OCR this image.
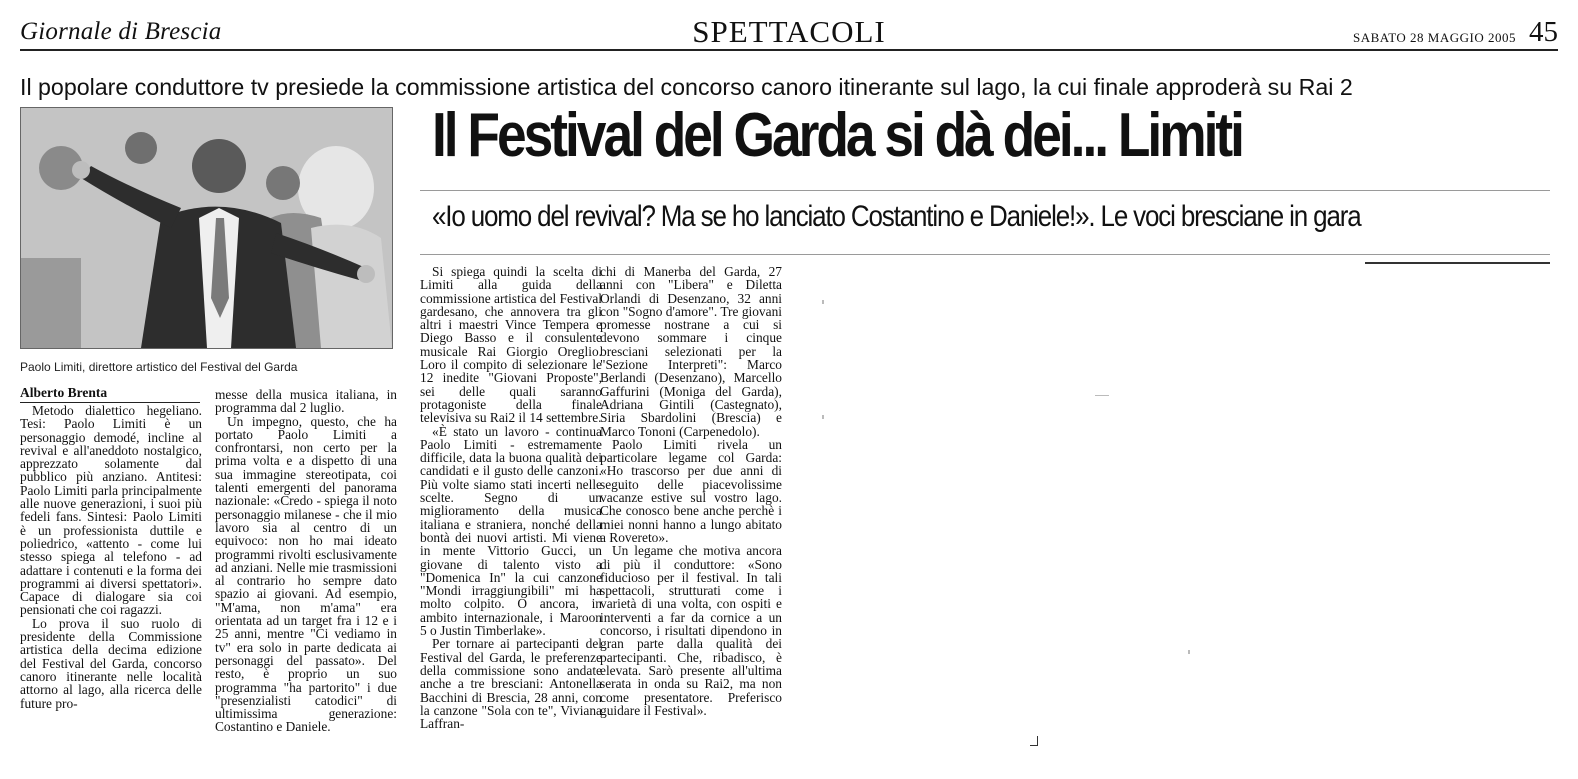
Giornale di Brescia	SPETTACOLI	SABATO 28 MAGGIO 2005 45
Il popolare conduttore tv presiede la commissione artistica del concorso canoro itinerante sul lago, la cui finale approderà su Rai 2
Paolo Limiti, direttore artistico del Festival del Garda
Il Festival del Garda si dà dei... Limiti
«Io uomo del revival? Ma se ho lanciato Costantino e Daniele!». Le voci bresciane in gara
Alberto Brenta

Metodo dialettico hegeliano. Tesi: Paolo Limiti è un personaggio demodé, incline al revival e all'aneddoto nostalgico, apprezzato solamente dal pubblico più anziano. Antitesi: Paolo Limiti parla principalmente alle nuove generazioni, i suoi più fedeli fans. Sintesi: Paolo Limiti è un professionista duttile e poliedrico, «attento - come lui stesso spiega al telefono - ad adattare i contenuti e la forma dei programmi ai diversi spettatori». Capace di dialogare sia coi pensionati che coi ragazzi.

Lo prova il suo ruolo di presidente della Commissione artistica della decima edizione del Festival del Garda, concorso canoro itinerante nelle località attorno al lago, alla ricerca delle future pro-

messe della musica italiana, in programma dal 2 luglio.

Un impegno, questo, che ha portato Paolo Limiti a confrontarsi, non certo per la prima volta e a dispetto di una sua immagine stereotipata, coi talenti emergenti del panorama nazionale: «Credo - spiega il noto personaggio milanese - che il mio lavoro sia al centro di un equivoco: non ho mai ideato programmi rivolti esclusivamente ad anziani. Nelle mie trasmissioni al contrario ho sempre dato spazio ai giovani. Ad esempio, "M'ama, non m'ama" era orientata ad un target fra i 12 e i 25 anni, mentre "Ci vediamo in tv" era solo in parte dedicata ai personaggi del passato». Del resto, è proprio un suo programma "ha partorito" i due "presenzialisti catodici" di ultimissima generazione: Costantino e Daniele.

Si spiega quindi la scelta di Limiti alla guida della commissione artistica del Festival gardesano, che annovera tra gli altri i maestri Vince Tempera e Diego Basso e il consulente musicale Rai Giorgio Oreglio. Loro il compito di selezionare le 12 inedite "Giovani Proposte", sei delle quali saranno protagoniste della finale televisiva su Rai2 il 14 settembre.

«È stato un lavoro - continua Paolo Limiti - estremamente difficile, data la buona qualità dei candidati e il gusto delle canzoni. Più volte siamo stati incerti nelle scelte. Segno di un miglioramento della musica italiana e straniera, nonché della bontà dei nuovi artisti. Mi viene in mente Vittorio Gucci, un giovane di talento visto a "Domenica In" la cui canzone "Mondi irraggiungibili" mi ha molto colpito. O ancora, in ambito internazionale, i Maroon 5 o Justin Timberlake».

Per tornare ai partecipanti del Festival del Garda, le preferenze della commissione sono andate anche a tre bresciani: Antonella Bacchini di Brescia, 28 anni, con la canzone "Sola con te", Viviana Laffran-

chi di Manerba del Garda, 27 anni con "Libera" e Diletta Orlandi di Desenzano, 32 anni con "Sogno d'amore". Tre giovani promesse nostrane a cui si devono sommare i cinque bresciani selezionati per la "Sezione Interpreti": Marco Berlandi (Desenzano), Marcello Gaffurini (Moniga del Garda), Adriana Gintili (Castegnato), Siria Sbardolini (Brescia) e Marco Tononi (Carpenedolo).

Paolo Limiti rivela un particolare legame col Garda: «Ho trascorso per due anni di seguito delle piacevolissime vacanze estive sul vostro lago. Che conosco bene anche perchè i miei nonni hanno a lungo abitato a Rovereto».

Un legame che motiva ancora di più il conduttore: «Sono fiducioso per il festival. In tali spettacoli, strutturati come i varietà di una volta, con ospiti e interventi a far da cornice a un concorso, i risultati dipendono in gran parte dalla qualità dei partecipanti. Che, ribadisco, è elevata. Sarò presente all'ultima serata in onda su Rai2, ma non come presentatore. Preferisco guidare il Festival».
